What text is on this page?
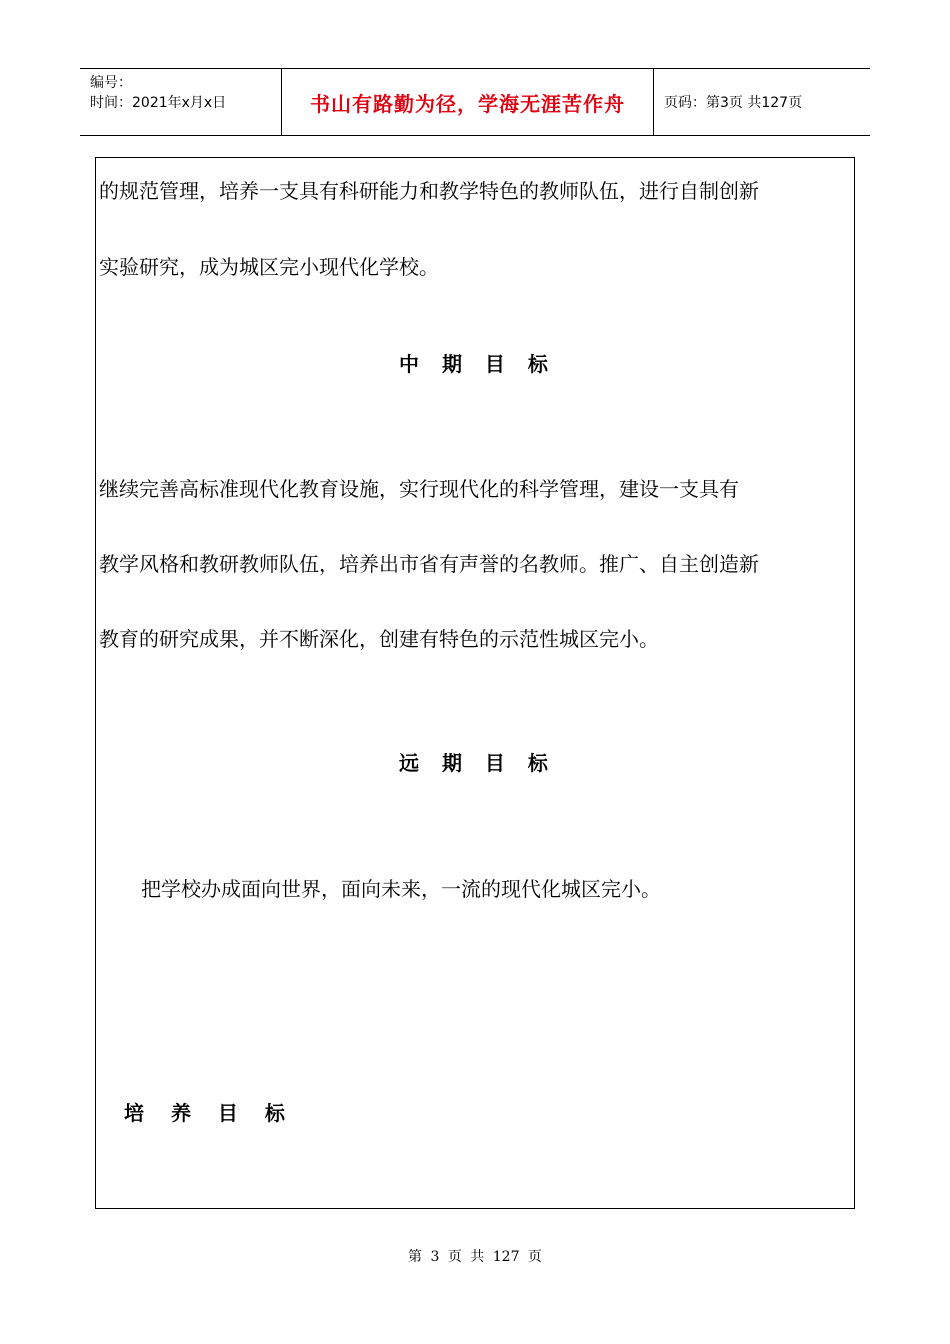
编号：
时间：2021年x月x日	书山有路勤为径，学海无涯苦作舟	页码：第3页 共127页
的规范管理，培养一支具有科研能力和教学特色的教师队伍，进行自制创新
实验研究，成为城区完小现代化学校。
中 期 目 标
继续完善高标准现代化教育设施，实行现代化的科学管理，建设一支具有
教学风格和教研教师队伍，培养出市省有声誉的名教师。推广、自主创造新
教育的研究成果，并不断深化，创建有特色的示范性城区完小。
远 期 目 标
把学校办成面向世界，面向未来，一流的现代化城区完小。
培 养 目 标
第 3 页 共 127 页
